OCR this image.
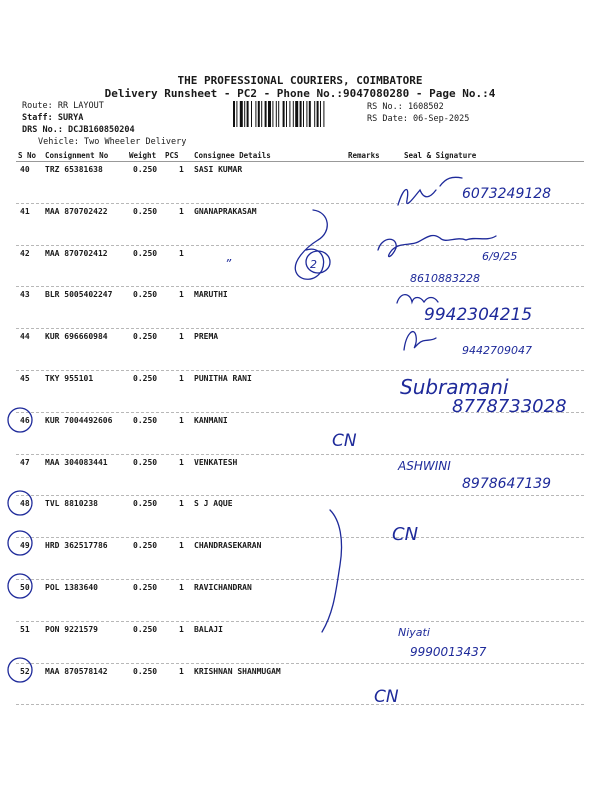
THE PROFESSIONAL COURIERS, COIMBATORE
Delivery Runsheet - PC2 - Phone No.:9047080280 - Page No.:4
Route: RR LAYOUT
Staff: SURYA
DRS No.: DCJB160850204
Vehicle: Two Wheeler Delivery
RS No.: 1608502
RS Date: 06-Sep-2025
S No Consignment No	Weight PCS Consignee Details	Remarks	Seal & Signature
40 TRZ 65381638	0.250	1 SASI KUMAR
41 MAA 870702422	0.250	1 GNANAPRAKASAM
42 MAA 870702412	0.250	1
43 BLR 5005402247	0.250	1 MARUTHI
44 KUR 696660984	0.250	1 PREMA
45 TKY 955101	0.250	1 PUNITHA RANI
46 KUR 7004492606	0.250	1 KANMANI
47 MAA 304083441	0.250	1 VENKATESH
48 TVL 8810238	0.250	1 S J AQUE
49 HRD 362517786	0.250	1 CHANDRASEKARAN
50 POL 1383640	0.250	1 RAVICHANDRAN
51 PON 9221579	0.250	1 BALAJI
52 MAA 870578142	0.250	1 KRISHNAN SHANMUGAM
”
6073249128
2
6/9/25
8610883228
9942304215
9442709047
Subramani
8778733028
CN
ASHWINI
8978647139
CN
Niyati
9990013437
CN
